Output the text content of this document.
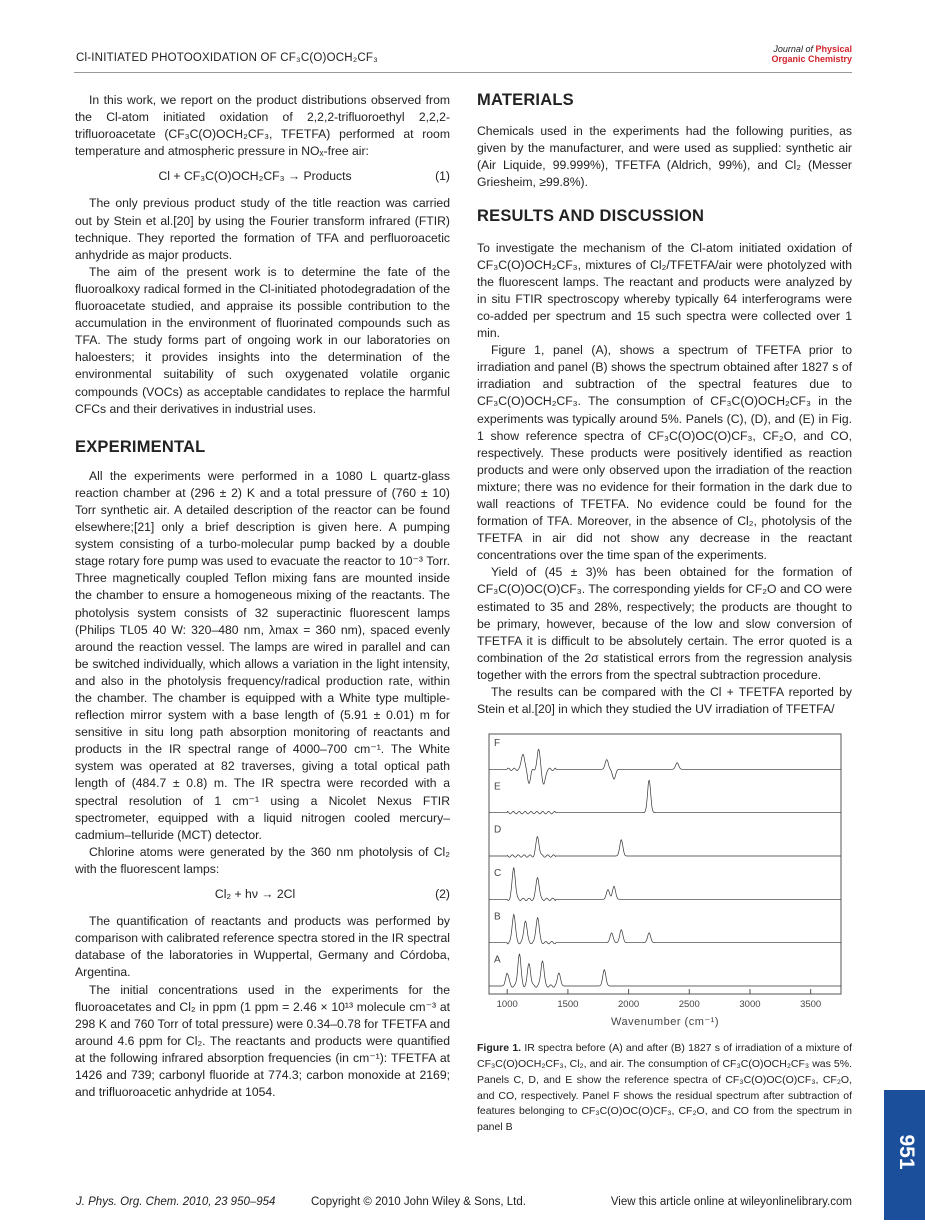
Cl-INITIATED PHOTOOXIDATION OF CF₃C(O)OCH₂CF₃
Journal of Physical
Organic Chemistry

In this work, we report on the product distributions observed from the Cl-atom initiated oxidation of 2,2,2-trifluoroethyl 2,2,2-trifluoroacetate (CF₃C(O)OCH₂CF₃, TFETFA) performed at room temperature and atmospheric pressure in NOₓ-free air:

Cl + CF₃C(O)OCH₂CF₃ → Products	(1)

The only previous product study of the title reaction was carried out by Stein et al.[20] by using the Fourier transform infrared (FTIR) technique. They reported the formation of TFA and perfluoroacetic anhydride as major products.

The aim of the present work is to determine the fate of the fluoroalkoxy radical formed in the Cl-initiated photodegradation of the fluoroacetate studied, and appraise its possible contribution to the accumulation in the environment of fluorinated compounds such as TFA. The study forms part of ongoing work in our laboratories on haloesters; it provides insights into the determination of the environmental suitability of such oxygenated volatile organic compounds (VOCs) as acceptable candidates to replace the harmful CFCs and their derivatives in industrial uses.

EXPERIMENTAL

All the experiments were performed in a 1080 L quartz-glass reaction chamber at (296 ± 2) K and a total pressure of (760 ± 10) Torr synthetic air. A detailed description of the reactor can be found elsewhere;[21] only a brief description is given here. A pumping system consisting of a turbo-molecular pump backed by a double stage rotary fore pump was used to evacuate the reactor to 10⁻³ Torr. Three magnetically coupled Teflon mixing fans are mounted inside the chamber to ensure a homogeneous mixing of the reactants. The photolysis system consists of 32 superactinic fluorescent lamps (Philips TL05 40 W: 320–480 nm, λmax = 360 nm), spaced evenly around the reaction vessel. The lamps are wired in parallel and can be switched individually, which allows a variation in the light intensity, and also in the photolysis frequency/radical production rate, within the chamber. The chamber is equipped with a White type multiple-reflection mirror system with a base length of (5.91 ± 0.01) m for sensitive in situ long path absorption monitoring of reactants and products in the IR spectral range of 4000–700 cm⁻¹. The White system was operated at 82 traverses, giving a total optical path length of (484.7 ± 0.8) m. The IR spectra were recorded with a spectral resolution of 1 cm⁻¹ using a Nicolet Nexus FTIR spectrometer, equipped with a liquid nitrogen cooled mercury–cadmium–telluride (MCT) detector.

Chlorine atoms were generated by the 360 nm photolysis of Cl₂ with the fluorescent lamps:

Cl₂ + hν → 2Cl	(2)

The quantification of reactants and products was performed by comparison with calibrated reference spectra stored in the IR spectral database of the laboratories in Wuppertal, Germany and Córdoba, Argentina.

The initial concentrations used in the experiments for the fluoroacetates and Cl₂ in ppm (1 ppm = 2.46 × 10¹³ molecule cm⁻³ at 298 K and 760 Torr of total pressure) were 0.34–0.78 for TFETFA and around 4.6 ppm for Cl₂. The reactants and products were quantified at the following infrared absorption frequencies (in cm⁻¹): TFETFA at 1426 and 739; carbonyl fluoride at 774.3; carbon monoxide at 2169; and trifluoroacetic anhydride at 1054.

MATERIALS

Chemicals used in the experiments had the following purities, as given by the manufacturer, and were used as supplied: synthetic air (Air Liquide, 99.999%), TFETFA (Aldrich, 99%), and Cl₂ (Messer Griesheim, ≥99.8%).

RESULTS AND DISCUSSION

To investigate the mechanism of the Cl-atom initiated oxidation of CF₃C(O)OCH₂CF₃, mixtures of Cl₂/TFETFA/air were photolyzed with the fluorescent lamps. The reactant and products were analyzed by in situ FTIR spectroscopy whereby typically 64 interferograms were co-added per spectrum and 15 such spectra were collected over 1 min.

Figure 1, panel (A), shows a spectrum of TFETFA prior to irradiation and panel (B) shows the spectrum obtained after 1827 s of irradiation and subtraction of the spectral features due to CF₃C(O)OCH₂CF₃. The consumption of CF₃C(O)OCH₂CF₃ in the experiments was typically around 5%. Panels (C), (D), and (E) in Fig. 1 show reference spectra of CF₃C(O)OC(O)CF₃, CF₂O, and CO, respectively. These products were positively identified as reaction products and were only observed upon the irradiation of the reaction mixture; there was no evidence for their formation in the dark due to wall reactions of TFETFA. No evidence could be found for the formation of TFA. Moreover, in the absence of Cl₂, photolysis of the TFETFA in air did not show any decrease in the reactant concentrations over the time span of the experiments.

Yield of (45 ± 3)% has been obtained for the formation of CF₃C(O)OC(O)CF₃. The corresponding yields for CF₂O and CO were estimated to 35 and 28%, respectively; the products are thought to be primary, however, because of the low and slow conversion of TFETFA it is difficult to be absolutely certain. The error quoted is a combination of the 2σ statistical errors from the regression analysis together with the errors from the spectral subtraction procedure.

The results can be compared with the Cl + TFETFA reported by Stein et al.[20] in which they studied the UV irradiation of TFETFA/

F
E
D
C
B
A
1000	1500	2000	2500	3000	3500
Wavenumber (cm⁻¹)
Figure 1. IR spectra before (A) and after (B) 1827 s of irradiation of a mixture of CF₃C(O)OCH₂CF₃, Cl₂, and air. The consumption of CF₃C(O)OCH₂CF₃ was 5%. Panels C, D, and E show the reference spectra of CF₃C(O)OC(O)CF₃, CF₂O, and CO, respectively. Panel F shows the residual spectrum after subtraction of features belonging to CF₃C(O)OC(O)CF₃, CF₂O, and CO from the spectrum in panel B
J. Phys. Org. Chem. 2010, 23 950–954	Copyright © 2010 John Wiley & Sons, Ltd.	View this article online at wileyonlinelibrary.com
951
